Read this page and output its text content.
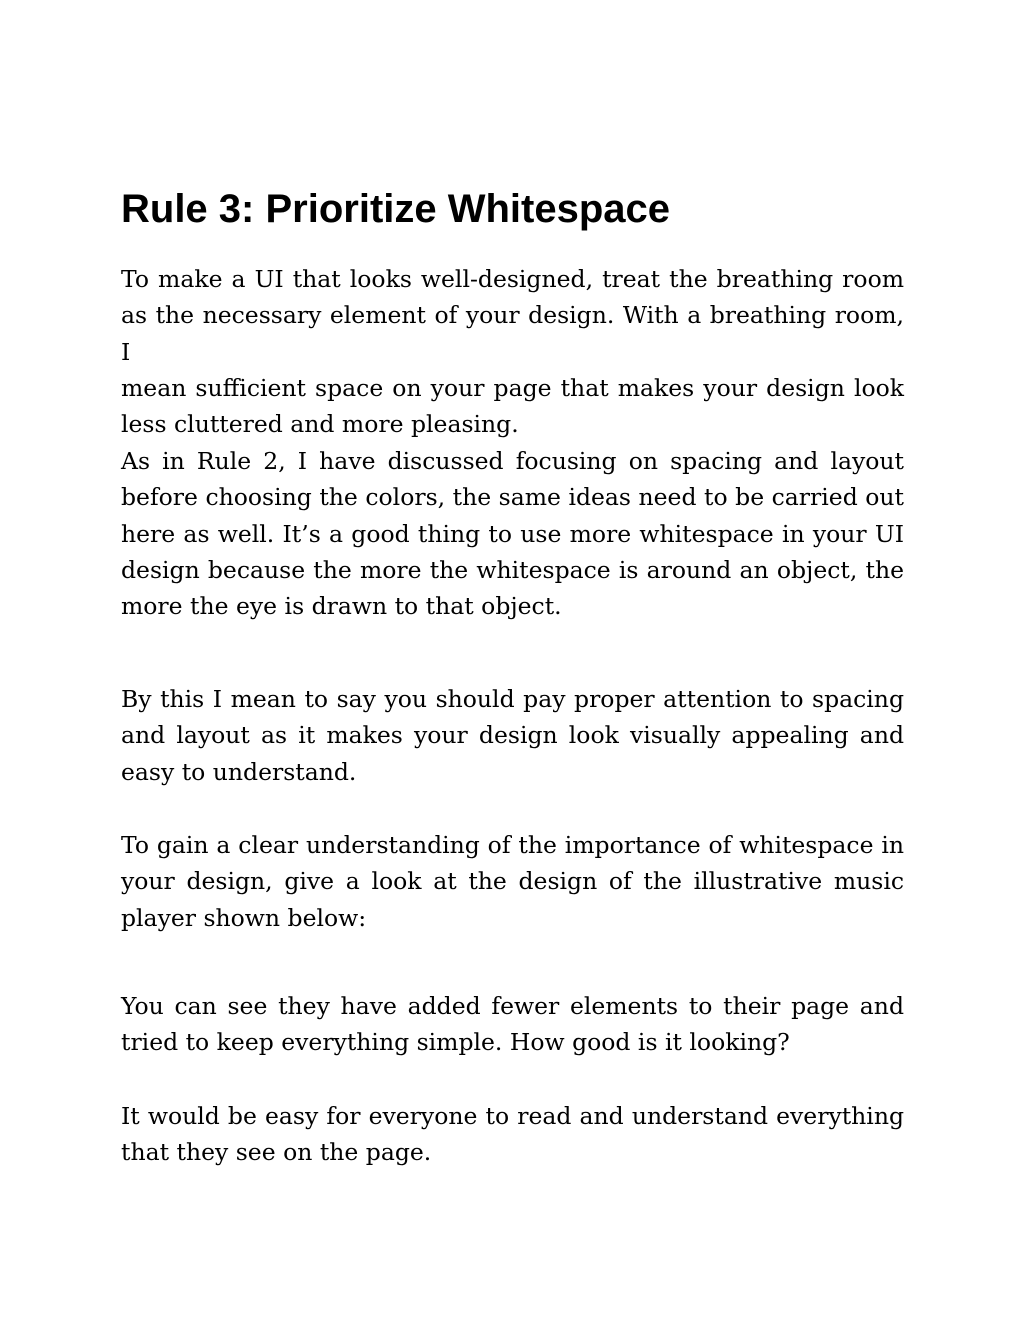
Rule 3: Prioritize Whitespace

To make a UI that looks well-designed, treat the breathing room
as the necessary element of your design. With a breathing room, I
mean sufficient space on your page that makes your design look
less cluttered and more pleasing.

As in Rule 2, I have discussed focusing on spacing and layout
before choosing the colors, the same ideas need to be carried out
here as well. It’s a good thing to use more whitespace in your UI
design because the more the whitespace is around an object, the
more the eye is drawn to that object.

By this I mean to say you should pay proper attention to spacing
and layout as it makes your design look visually appealing and
easy to understand.

To gain a clear understanding of the importance of whitespace in
your design, give a look at the design of the illustrative music
player shown below:

You can see they have added fewer elements to their page and
tried to keep everything simple. How good is it looking?

It would be easy for everyone to read and understand everything
that they see on the page.
